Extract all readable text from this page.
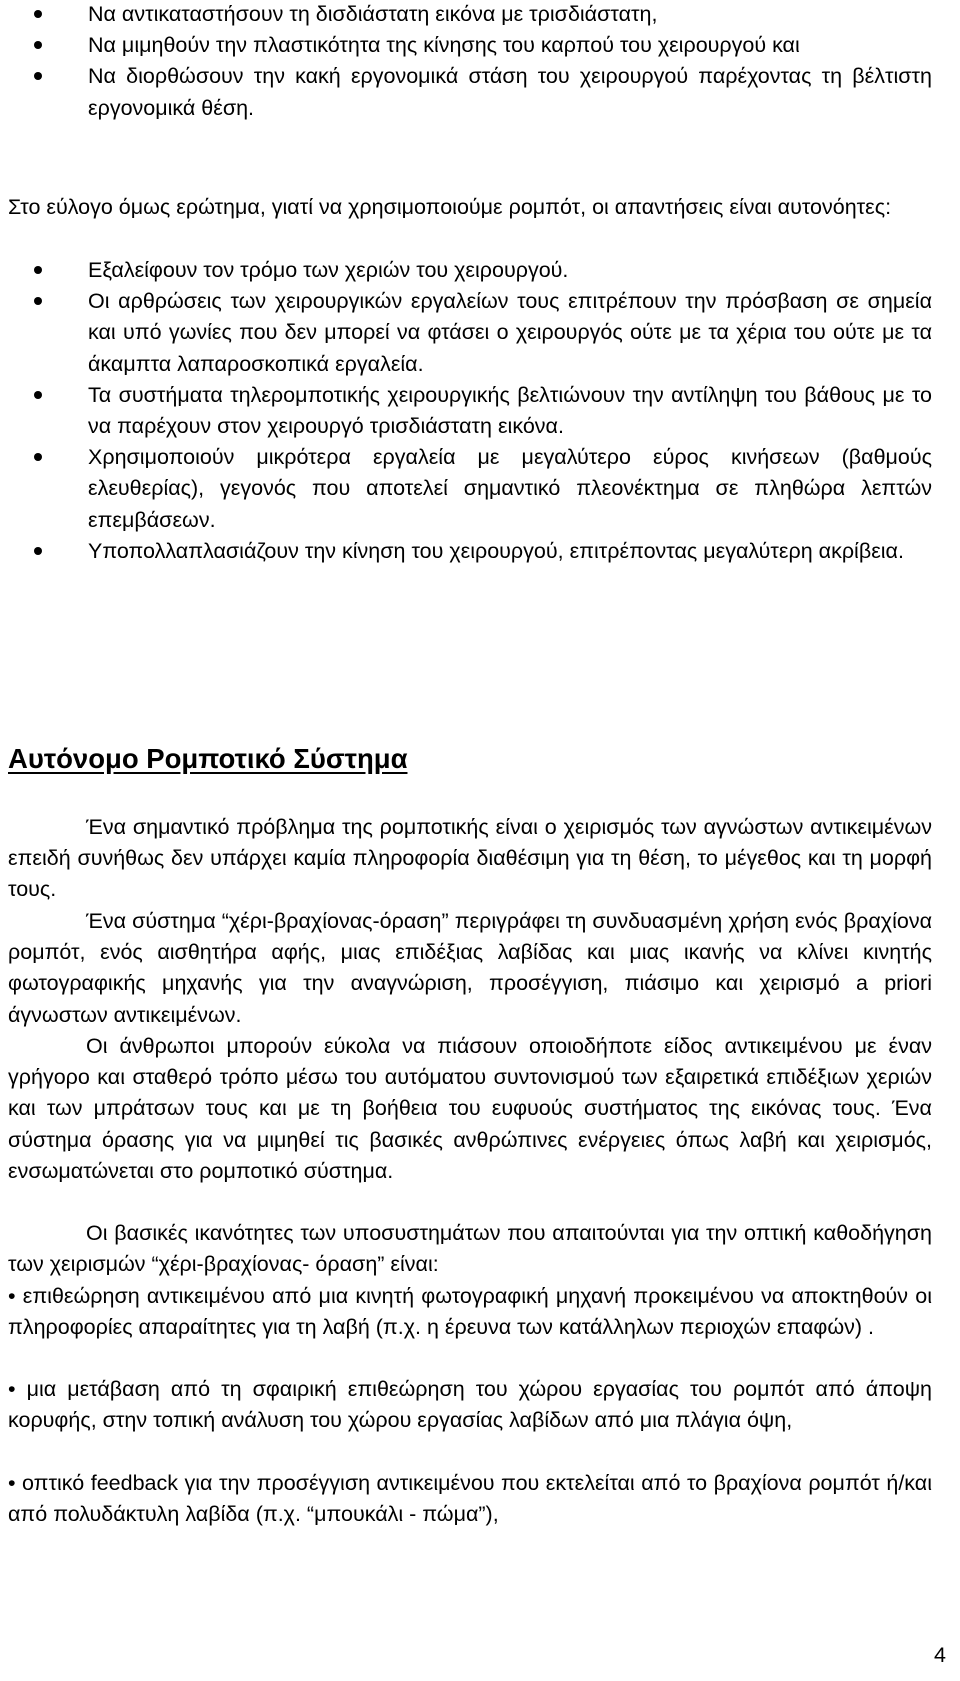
Να αντικαταστήσουν τη δισδιάστατη εικόνα με τρισδιάστατη,
Να μιμηθούν την πλαστικότητα της κίνησης του καρπού του χειρουργού και
Να διορθώσουν την κακή εργονομικά στάση του χειρουργού παρέχοντας τη βέλτιστη εργονομικά θέση.

Στο εύλογο όμως ερώτημα, γιατί να χρησιμοποιούμε ρομπότ, οι απαντήσεις είναι αυτονόητες:

Εξαλείφουν τον τρόμο των χεριών του χειρουργού.
Οι αρθρώσεις των χειρουργικών εργαλείων τους επιτρέπουν την πρόσβαση σε σημεία και υπό γωνίες που δεν μπορεί να φτάσει ο χειρουργός ούτε με τα χέρια του ούτε με τα άκαμπτα λαπαροσκοπικά εργαλεία.
Τα συστήματα τηλερομποτικής χειρουργικής βελτιώνουν την αντίληψη του βάθους με το να παρέχουν στον χειρουργό τρισδιάστατη εικόνα.
Χρησιμοποιούν μικρότερα εργαλεία με μεγαλύτερο εύρος κινήσεων (βαθμούς ελευθερίας), γεγονός που αποτελεί σημαντικό πλεονέκτημα σε πληθώρα λεπτών επεμβάσεων.
Υποπολλαπλασιάζουν την κίνηση του χειρουργού, επιτρέποντας μεγαλύτερη ακρίβεια.
Αυτόνομο Ρομποτικό Σύστημα

Ένα σημαντικό πρόβλημα της ρομποτικής είναι ο χειρισμός των αγνώστων αντικειμένων επειδή συνήθως δεν υπάρχει καμία πληροφορία διαθέσιμη για τη θέση, το μέγεθος και τη μορφή τους.

Ένα σύστημα “χέρι-βραχίονας-όραση” περιγράφει τη συνδυασμένη χρήση ενός βραχίονα ρομπότ, ενός αισθητήρα αφής, μιας επιδέξιας λαβίδας και μιας ικανής να κλίνει κινητής φωτογραφικής μηχανής για την αναγνώριση, προσέγγιση, πιάσιμο και χειρισμό a priori άγνωστων αντικειμένων.

Οι άνθρωποι μπορούν εύκολα να πιάσουν οποιοδήποτε είδος αντικειμένου με έναν γρήγορο και σταθερό τρόπο μέσω του αυτόματου συντονισμού των εξαιρετικά επιδέξιων χεριών και των μπράτσων τους και με τη βοήθεια του ευφυούς συστήματος της εικόνας τους. Ένα σύστημα όρασης για να μιμηθεί τις βασικές ανθρώπινες ενέργειες όπως λαβή και χειρισμός, ενσωματώνεται στο ρομποτικό σύστημα.

Οι βασικές ικανότητες των υποσυστημάτων που απαιτούνται για την οπτική καθοδήγηση των χειρισμών “χέρι-βραχίονας- όραση” είναι:

• επιθεώρηση αντικειμένου από μια κινητή φωτογραφική μηχανή προκειμένου να αποκτηθούν οι πληροφορίες απαραίτητες για τη λαβή (π.χ. η έρευνα των κατάλληλων περιοχών επαφών) .

• μια μετάβαση από τη σφαιρική επιθεώρηση του χώρου εργασίας του ρομπότ από άποψη κορυφής, στην τοπική ανάλυση του χώρου εργασίας λαβίδων από μια πλάγια όψη,

• οπτικό feedback για την προσέγγιση αντικειμένου που εκτελείται από το βραχίονα ρομπότ ή/και από πολυδάκτυλη λαβίδα (π.χ. “μπουκάλι - πώμα”),

4
